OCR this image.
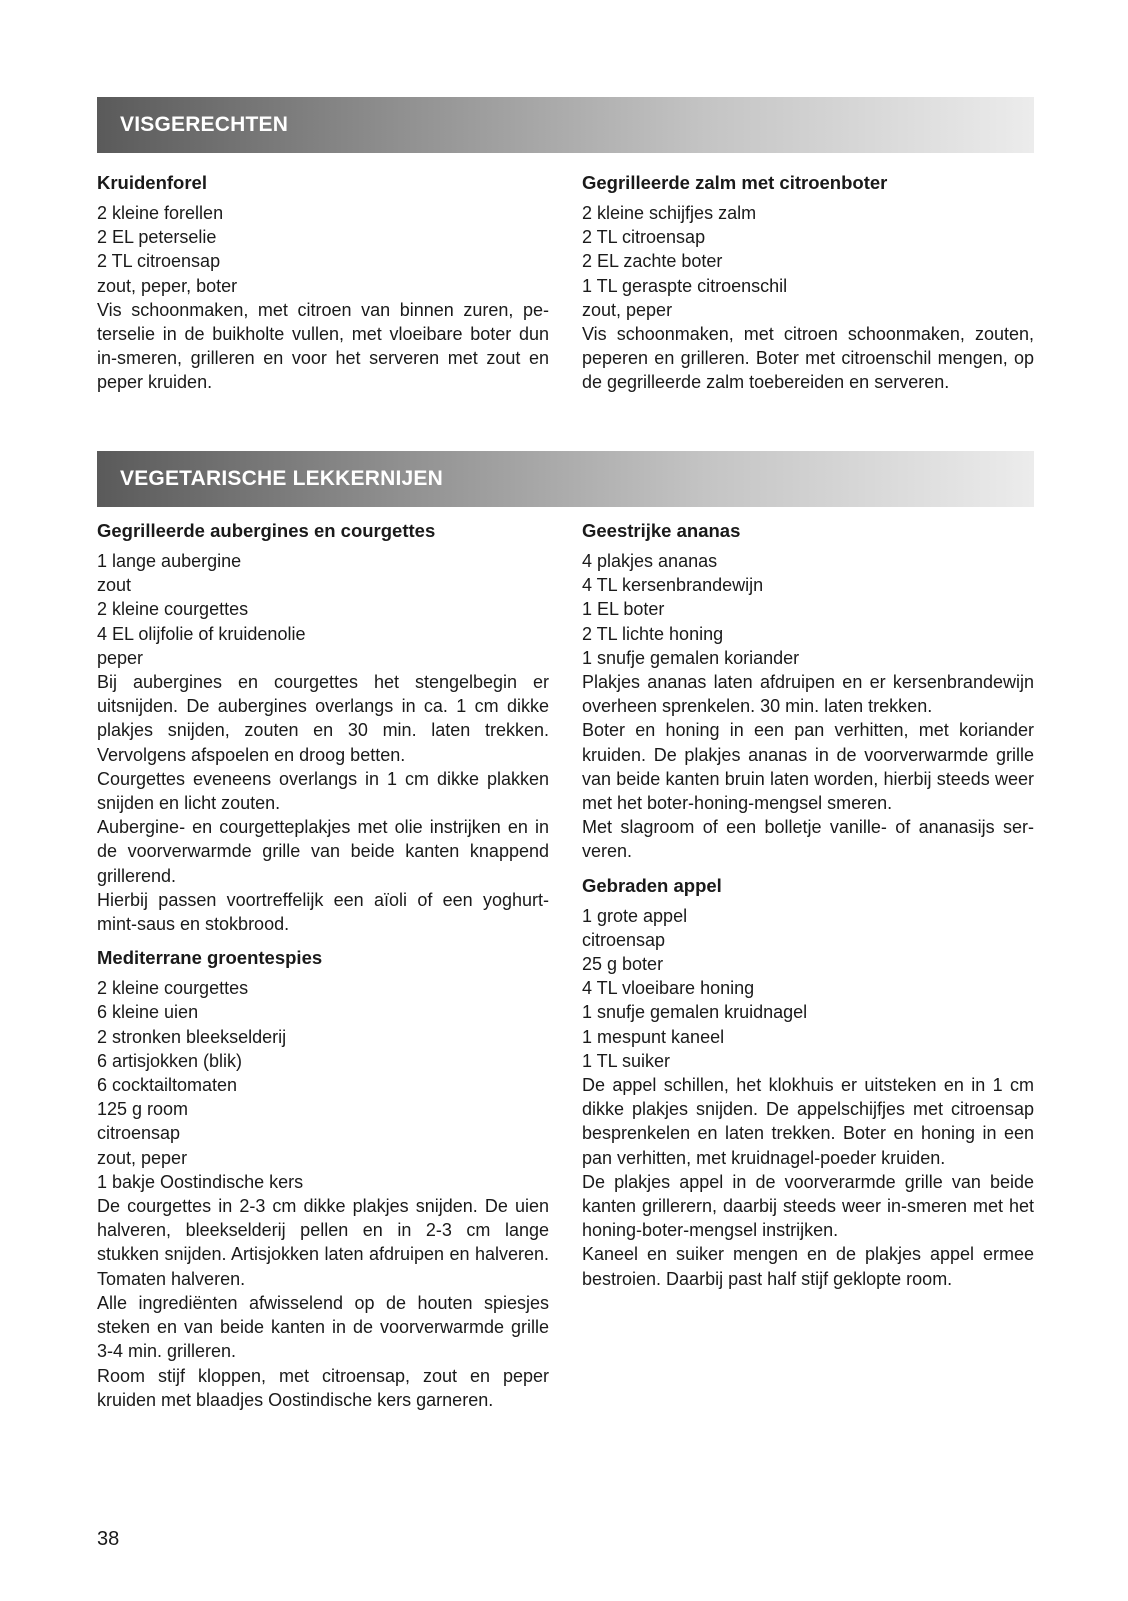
VISGERECHTEN
Kruidenforel
2 kleine forellen
2 EL peterselie
2 TL citroensap
zout, peper, boter

Vis schoonmaken, met citroen van binnen zuren, peterselie in de buikholte vullen, met vloeibare boter dun in-smeren, grilleren en voor het serveren met zout en peper kruiden.

Gegrilleerde zalm met citroenboter
2 kleine schijfjes zalm
2 TL citroensap
2 EL zachte boter
1 TL geraspte citroenschil
zout, peper

Vis schoonmaken, met citroen schoonmaken, zouten, peperen en grilleren. Boter met citroenschil mengen, op de gegrilleerde zalm toebereiden en serveren.

VEGETARISCHE LEKKERNIJEN
Gegrilleerde aubergines en courgettes
1 lange aubergine
zout
2 kleine courgettes
4 EL olijfolie of kruidenolie
peper

Bij aubergines en courgettes het stengelbegin er uitsnijden. De aubergines overlangs in ca. 1 cm dikke plakjes snijden, zouten en 30 min. laten trekken. Vervolgens afspoelen en droog betten.

Courgettes eveneens overlangs in 1 cm dikke plakken snijden en licht zouten.

Aubergine- en courgetteplakjes met olie instrijken en in de voorverwarmde grille van beide kanten knappend grillerend.

Hierbij passen voortreffelijk een aïoli of een yoghurt-mint-saus en stokbrood.

Mediterrane groentespies
2 kleine courgettes
6 kleine uien
2 stronken bleekselderij
6 artisjokken (blik)
6 cocktailtomaten
125 g room
citroensap
zout, peper
1 bakje Oostindische kers

De courgettes in 2-3 cm dikke plakjes snijden. De uien halveren, bleekselderij pellen en in 2-3 cm lange stukken snijden. Artisjokken laten afdruipen en halveren. Tomaten halveren.

Alle ingrediënten afwisselend op de houten spiesjes steken en van beide kanten in de voorverwarmde grille 3-4 min. grilleren.

Room stijf kloppen, met citroensap, zout en peper kruiden met blaadjes Oostindische kers garneren.

Geestrijke ananas
4 plakjes ananas
4 TL kersenbrandewijn
1 EL boter
2 TL lichte honing
1 snufje gemalen koriander

Plakjes ananas laten afdruipen en er kersenbrandewijn overheen sprenkelen. 30 min. laten trekken.

Boter en honing in een pan verhitten, met koriander kruiden. De plakjes ananas in de voorverwarmde grille van beide kanten bruin laten worden, hierbij steeds weer met het boter-honing-mengsel smeren.

Met slagroom of een bolletje vanille- of ananasijs serveren.

Gebraden appel
1 grote appel
citroensap
25 g boter
4 TL vloeibare honing
1 snufje gemalen kruidnagel
1 mespunt kaneel
1 TL suiker

De appel schillen, het klokhuis er uitsteken en in 1 cm dikke plakjes snijden. De appelschijfjes met citroensap besprenkelen en laten trekken. Boter en honing in een pan verhitten, met kruidnagel-poeder kruiden.

De plakjes appel in de voorverarmde grille van beide kanten grillerern, daarbij steeds weer in-smeren met het honing-boter-mengsel instrijken.

Kaneel en suiker mengen en de plakjes appel ermee bestroien. Daarbij past half stijf geklopte room.

38
